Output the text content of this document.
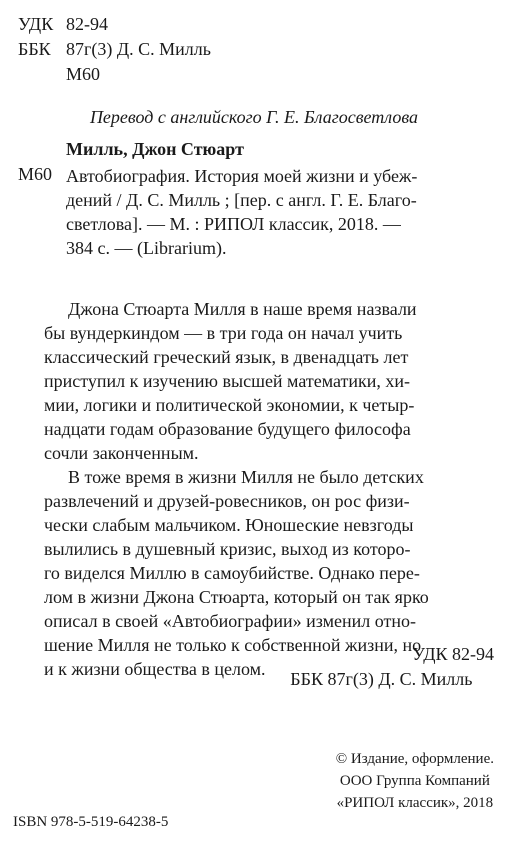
УДК 82-94
ББК 87г(3) Д. С. Милль
М60
Перевод с английского Г. Е. Благосветлова
Милль, Джон Стюарт
М60 Автобиография. История моей жизни и убеж-
дений / Д. С. Милль ; [пер. с англ. Г. Е. Благо-
светлова]. — М. : РИПОЛ классик, 2018. —
384 с. — (Librarium).
Джона Стюарта Милля в наше время назвали
бы вундеркиндом — в три года он начал учить
классический греческий язык, в двенадцать лет
приступил к изучению высшей математики, хи-
мии, логики и политической экономии, к четыр-
надцати годам образование будущего философа
сочли законченным.
В тоже время в жизни Милля не было детских
развлечений и друзей-ровесников, он рос физи-
чески слабым мальчиком. Юношеские невзгоды
вылились в душевный кризис, выход из которо-
го виделся Миллю в самоубийстве. Однако пере-
лом в жизни Джона Стюарта, который он так ярко
описал в своей «Автобиографии» изменил отно-
шение Милля не только к собственной жизни, но
и к жизни общества в целом.
УДК 82-94
ББК 87г(3) Д. С. Милль
© Издание, оформление.
ООО Группа Компаний
«РИПОЛ классик», 2018
ISBN 978-5-519-64238-5
